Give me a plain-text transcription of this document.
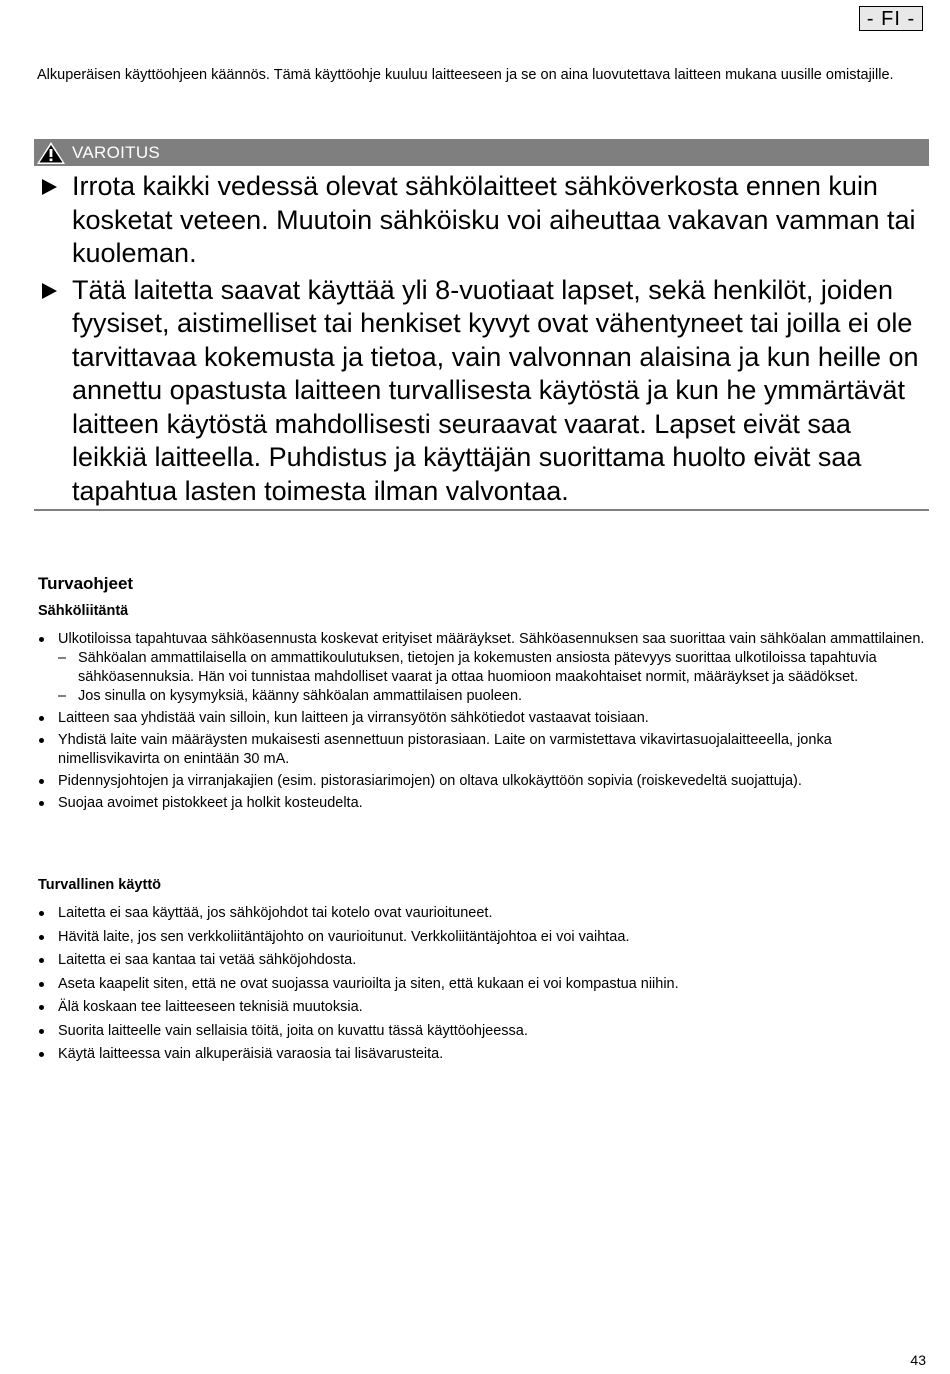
- FI -
Alkuperäisen käyttöohjeen käännös. Tämä käyttöohje kuuluu laitteeseen ja se on aina luovutettava laitteen mukana uusille omistajille.
VAROITUS
Irrota kaikki vedessä olevat sähkölaitteet sähköverkosta ennen kuin kosketat veteen. Muutoin sähköisku voi aiheuttaa vakavan vamman tai kuoleman.
Tätä laitetta saavat käyttää yli 8-vuotiaat lapset, sekä henkilöt, joiden fyysiset, aistimelliset tai henkiset kyvyt ovat vähentyneet tai joilla ei ole tarvittavaa kokemusta ja tietoa, vain valvonnan alaisina ja kun heille on annettu opastusta laitteen turvallisesta käytöstä ja kun he ymmärtävät laitteen käytöstä mahdollisesti seuraavat vaarat. Lapset eivät saa leikkiä laitteella. Puhdistus ja käyttäjän suorittama huolto eivät saa tapahtua lasten toimesta ilman valvontaa.
Turvaohjeet
Sähköliitäntä
Ulkotiloissa tapahtuvaa sähköasennusta koskevat erityiset määräykset. Sähköasennuksen saa suorittaa vain sähköalan ammattilainen.
– Sähköalan ammattilaisella on ammattikoulutuksen, tietojen ja kokemusten ansiosta pätevyys suorittaa ulkotiloissa tapahtuvia sähköasennuksia. Hän voi tunnistaa mahdolliset vaarat ja ottaa huomioon maakohtaiset normit, määräykset ja säädökset.
– Jos sinulla on kysymyksiä, käänny sähköalan ammattilaisen puoleen.
Laitteen saa yhdistää vain silloin, kun laitteen ja virransyötön sähkötiedot vastaavat toisiaan.
Yhdistä laite vain määräysten mukaisesti asennettuun pistorasiaan. Laite on varmistettava vikavirtasuojalaitteeella, jonka nimellisvikavirta on enintään 30 mA.
Pidennysjohtojen ja virranjakajien (esim. pistorasiarimojen) on oltava ulkokäyttöön sopivia (roiskevedeltä suojattuja).
Suojaa avoimet pistokkeet ja holkit kosteudelta.
Turvallinen käyttö
Laitetta ei saa käyttää, jos sähköjohdot tai kotelo ovat vaurioituneet.
Hävitä laite, jos sen verkkoliitäntäjohto on vaurioitunut. Verkkoliitäntäjohtoa ei voi vaihtaa.
Laitetta ei saa kantaa tai vetää sähköjohdosta.
Aseta kaapelit siten, että ne ovat suojassa vaurioilta ja siten, että kukaan ei voi kompastua niihin.
Älä koskaan tee laitteeseen teknisiä muutoksia.
Suorita laitteelle vain sellaisia töitä, joita on kuvattu tässä käyttöohjeessa.
Käytä laitteessa vain alkuperäisiä varaosia tai lisävarusteita.
43
